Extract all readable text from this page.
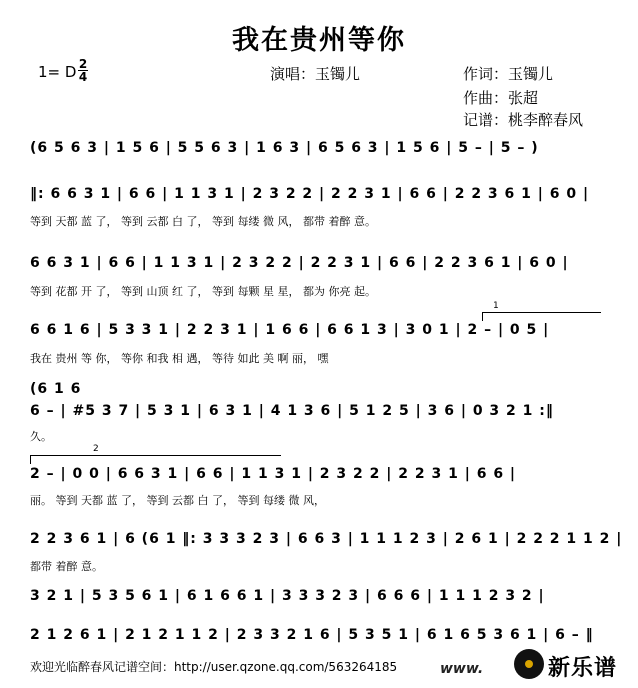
我在贵州等你
1= D 2
4	演唱：玉镯儿	作词：玉镯儿
作曲：张超
记谱：桃李醉春风
(6 5 6 3 | 1 5 6 | 5 5 6 3 | 1 6 3 | 6 5 6 3 | 1 5 6 | 5 – | 5 – )
‖: 6 6 3 1 | 6 6 | 1 1 3 1 | 2 3 2 2 | 2 2 3 1 | 6 6 | 2 2 3 6 1 | 6 0 |
等到 天都 蓝 了， 等到 云都 白 了， 等到 每缕 微 风， 都带 着醉 意。
6 6 3 1 | 6 6 | 1 1 3 1 | 2 3 2 2 | 2 2 3 1 | 6 6 | 2 2 3 6 1 | 6 0 |
等到 花都 开 了， 等到 山顶 红 了， 等到 每颗 星 星， 都为 你亮 起。
1
6 6 1 6 | 5 3 3 1 | 2 2 3 1 | 1 6 6 | 6 6 1 3 | 3 0 1 | 2 – | 0 5 |
我在 贵州 等 你， 等你 和我 相 遇， 等待 如此 美 啊 丽， 嘿
(6 1 6
6 – | #5 3 7 | 5 3 1 | 6 3 1 | 4 1 3 6 | 5 1 2 5 | 3 6 | 0 3 2 1 :‖
久。
2
2 – | 0 0 | 6 6 3 1 | 6 6 | 1 1 3 1 | 2 3 2 2 | 2 2 3 1 | 6 6 |
丽。 等到 天都 蓝 了， 等到 云都 白 了， 等到 每缕 微 风，
2 2 3 6 1 | 6 (6 1 ‖: 3 3 3 2 3 | 6 6 3 | 1 1 1 2 3 | 2 6 1 | 2 2 2 1 1 2 |
都带 着醉 意。
3 2 1 | 5 3 5 6 1 | 6 1 6 6 1 | 3 3 3 2 3 | 6 6 6 | 1 1 1 2 3 2 |
2 1 2 6 1 | 2 1 2 1 1 2 | 2 3 3 2 1 6 | 5 3 5 1 | 6 1 6 5 3 6 1 | 6 – ‖
欢迎光临醉春风记谱空间：http://user.qzone.qq.com/563264185	www.	新乐谱
